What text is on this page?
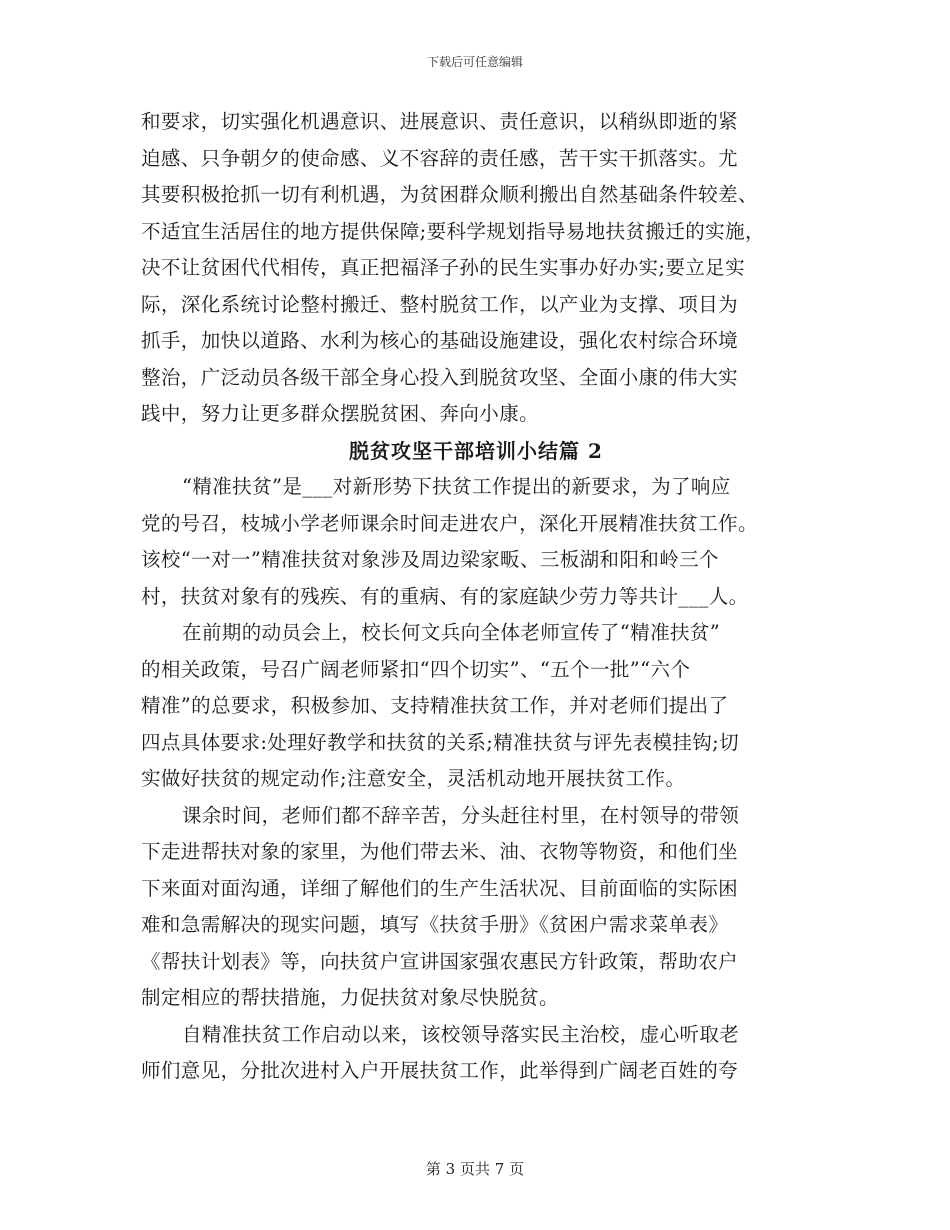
下载后可任意编辑
和要求，切实强化机遇意识、进展意识、责任意识，以稍纵即逝的紧
迫感、只争朝夕的使命感、义不容辞的责任感，苦干实干抓落实。尤
其要积极抢抓一切有利机遇，为贫困群众顺利搬出自然基础条件较差、
不适宜生活居住的地方提供保障;要科学规划指导易地扶贫搬迁的实施，
决不让贫困代代相传，真正把福泽子孙的民生实事办好办实;要立足实
际，深化系统讨论整村搬迁、整村脱贫工作，以产业为支撑、项目为
抓手，加快以道路、水利为核心的基础设施建设，强化农村综合环境
整治，广泛动员各级干部全身心投入到脱贫攻坚、全面小康的伟大实
践中，努力让更多群众摆脱贫困、奔向小康。
脱贫攻坚干部培训小结篇 2
“精准扶贫”是___对新形势下扶贫工作提出的新要求，为了响应
党的号召，枝城小学老师课余时间走进农户，深化开展精准扶贫工作。
该校“一对一”精准扶贫对象涉及周边梁家畈、三板湖和阳和岭三个
村，扶贫对象有的残疾、有的重病、有的家庭缺少劳力等共计___人。
在前期的动员会上，校长何文兵向全体老师宣传了“精准扶贫”
的相关政策，号召广阔老师紧扣“四个切实”、“五个一批”“六个
精准”的总要求，积极参加、支持精准扶贫工作，并对老师们提出了
四点具体要求:处理好教学和扶贫的关系;精准扶贫与评先表模挂钩;切
实做好扶贫的规定动作;注意安全，灵活机动地开展扶贫工作。
课余时间，老师们都不辞辛苦，分头赶往村里，在村领导的带领
下走进帮扶对象的家里，为他们带去米、油、衣物等物资，和他们坐
下来面对面沟通，详细了解他们的生产生活状况、目前面临的实际困
难和急需解决的现实问题，填写《扶贫手册》《贫困户需求菜单表》
《帮扶计划表》等，向扶贫户宣讲国家强农惠民方针政策，帮助农户
制定相应的帮扶措施，力促扶贫对象尽快脱贫。
自精准扶贫工作启动以来，该校领导落实民主治校，虚心听取老
师们意见，分批次进村入户开展扶贫工作，此举得到广阔老百姓的夸
第 3 页共 7 页
